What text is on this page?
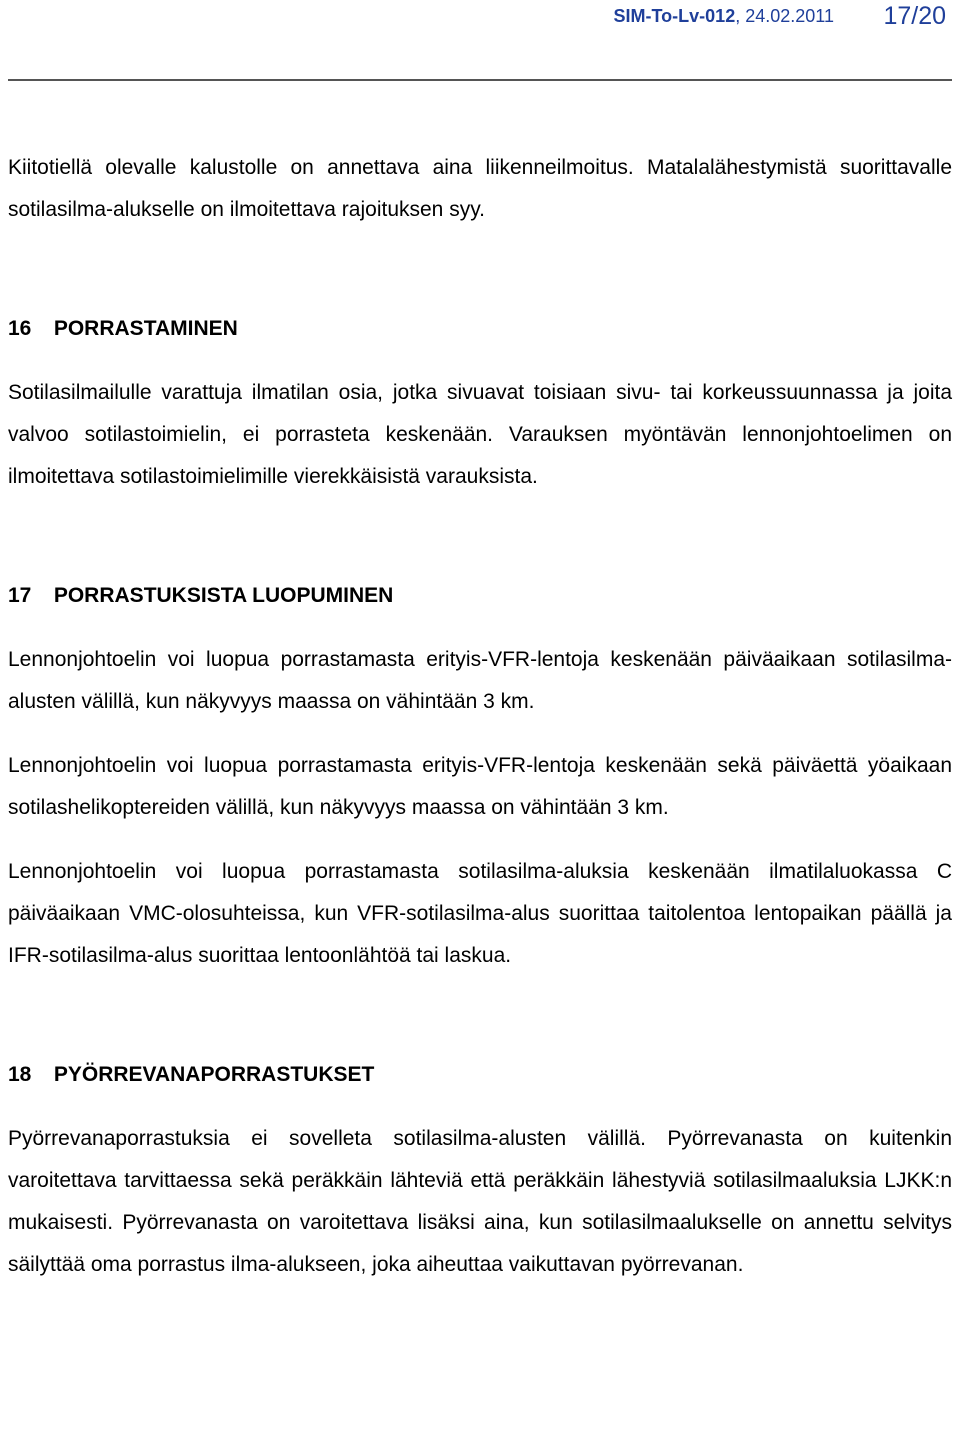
SIM-To-Lv-012, 24.02.2011 17/20

Kiitotiellä olevalle kalustolle on annettava aina liikenneilmoitus. Matalalähestymistä suorittavalle sotilasilma-alukselle on ilmoitettava rajoituksen syy.

16 PORRASTAMINEN

Sotilasilmailulle varattuja ilmatilan osia, jotka sivuavat toisiaan sivu- tai korkeussuunnassa ja joita valvoo sotilastoimielin, ei porrasteta keskenään. Varauksen myöntävän lennonjohtoelimen on ilmoitettava sotilastoimielimille vierekkäisistä varauksista.

17 PORRASTUKSISTA LUOPUMINEN

Lennonjohtoelin voi luopua porrastamasta erityis-VFR-lentoja keskenään päiväaikaan sotilasilma-alusten välillä, kun näkyvyys maassa on vähintään 3 km.

Lennonjohtoelin voi luopua porrastamasta erityis-VFR-lentoja keskenään sekä päiväettä yöaikaan sotilashelikoptereiden välillä, kun näkyvyys maassa on vähintään 3 km.

Lennonjohtoelin voi luopua porrastamasta sotilasilma-aluksia keskenään ilmatilaluokassa C päiväaikaan VMC-olosuhteissa, kun VFR-sotilasilma-alus suorittaa taitolentoa lentopaikan päällä ja IFR-sotilasilma-alus suorittaa lentoonlähtöä tai laskua.

18 PYÖRREVANAPORRASTUKSET

Pyörrevanaporrastuksia ei sovelleta sotilasilma-alusten välillä. Pyörrevanasta on kuitenkin varoitettava tarvittaessa sekä peräkkäin lähteviä että peräkkäin lähestyviä sotilasilmaaluksia LJKK:n mukaisesti. Pyörrevanasta on varoitettava lisäksi aina, kun sotilasilmaalukselle on annettu selvitys säilyttää oma porrastus ilma-alukseen, joka aiheuttaa vaikuttavan pyörrevanan.
